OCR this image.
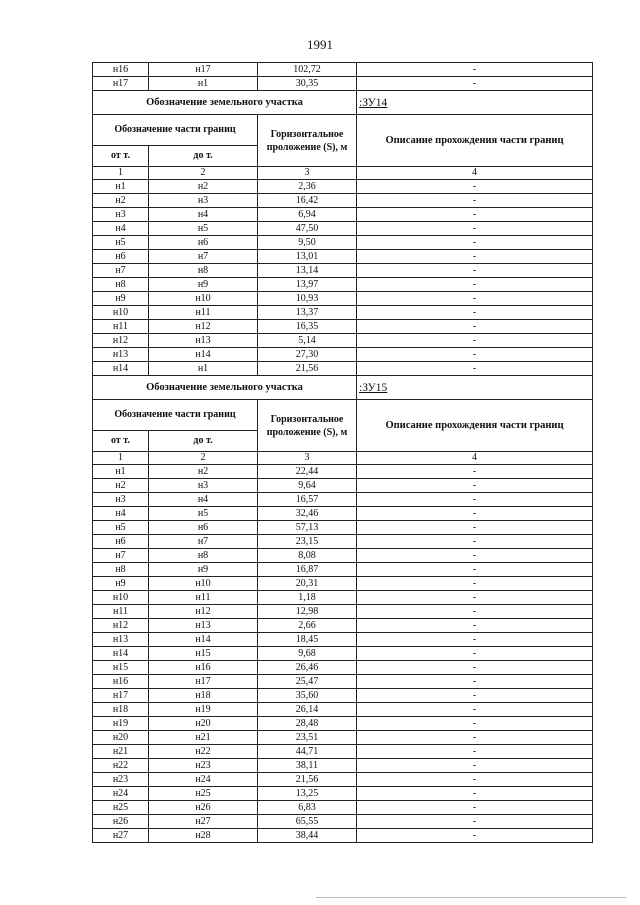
1991
н16	н17	102,72	-
н17	н1	30,35	-
Обозначение земельного участка			:ЗУ14
Обозначение части границ		Горизонтальное проложение (S), м	Описание прохождения части границ
от т.	до т.		
1	2	3	4
н1	н2	2,36	-
н2	н3	16,42	-
н3	н4	6,94	-
н4	н5	47,50	-
н5	н6	9,50	-
н6	н7	13,01	-
н7	н8	13,14	-
н8	н9	13,97	-
н9	н10	10,93	-
н10	н11	13,37	-
н11	н12	16,35	-
н12	н13	5,14	-
н13	н14	27,30	-
н14	н1	21,56	-
Обозначение земельного участка			:ЗУ15
Обозначение части границ		Горизонтальное проложение (S), м	Описание прохождения части границ
от т.	до т.		
1	2	3	4
н1	н2	22,44	-
н2	н3	9,64	-
н3	н4	16,57	-
н4	н5	32,46	-
н5	н6	57,13	-
н6	н7	23,15	-
н7	н8	8,08	-
н8	н9	16,87	-
н9	н10	20,31	-
н10	н11	1,18	-
н11	н12	12,98	-
н12	н13	2,66	-
н13	н14	18,45	-
н14	н15	9,68	-
н15	н16	26,46	-
н16	н17	25,47	-
н17	н18	35,60	-
н18	н19	26,14	-
н19	н20	28,48	-
н20	н21	23,51	-
н21	н22	44,71	-
н22	н23	38,11	-
н23	н24	21,56	-
н24	н25	13,25	-
н25	н26	6,83	-
н26	н27	65,55	-
н27	н28	38,44	-
